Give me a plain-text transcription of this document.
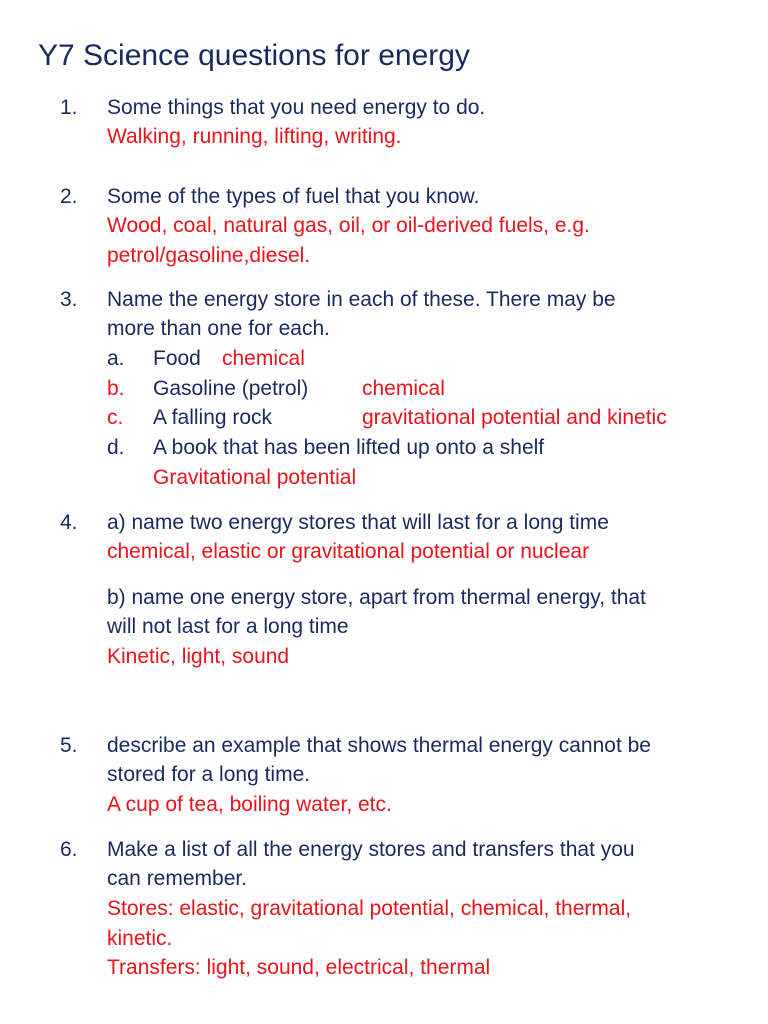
Y7 Science questions for energy
1. Some things that you need energy to do.
Walking, running, lifting, writing.
2. Some of the types of fuel that you know.
Wood, coal, natural gas, oil, or oil-derived fuels, e.g.
petrol/gasoline,diesel.
3. Name the energy store in each of these. There may be
more than one for each.
a. Food chemical
b. Gasoline (petrol)	chemical
c. A falling rock	gravitational potential and kinetic
d. A book that has been lifted up onto a shelf
Gravitational potential
4. a) name two energy stores that will last for a long time
chemical, elastic or gravitational potential or nuclear
b) name one energy store, apart from thermal energy, that
will not last for a long time
Kinetic, light, sound
5. describe an example that shows thermal energy cannot be
stored for a long time.
A cup of tea, boiling water, etc.
6. Make a list of all the energy stores and transfers that you
can remember.
Stores: elastic, gravitational potential, chemical, thermal,
kinetic.
Transfers: light, sound, electrical, thermal
